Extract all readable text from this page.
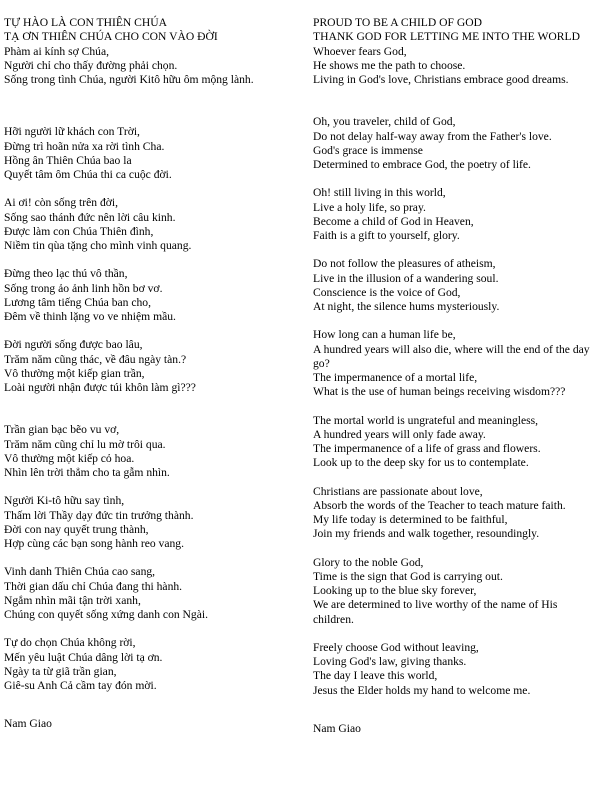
TỰ HÀO LÀ CON THIÊN CHÚA
TẠ ƠN THIÊN CHÚA CHO CON VÀO ĐỜI
Phàm ai kính sợ Chúa,
Người chỉ cho thấy đường phải chọn.
Sống trong tình Chúa, người Kitô hữu ôm mộng lành.
Hỡi người lữ khách con Trời,
Đừng trì hoãn nửa xa rời tình Cha.
Hồng ân Thiên Chúa bao la
Quyết tâm ôm Chúa thi ca cuộc đời.
Ai ơi! còn sống trên đời,
Sống sao thánh đức nên lời câu kinh.
Được làm con Chúa Thiên đình,
Niềm tin qùa tặng cho mình vinh quang.
Đừng theo lạc thú vô thần,
Sống trong ảo ảnh linh hồn bơ vơ.
Lương tâm tiếng Chúa ban cho,
Đêm về thinh lặng vo ve nhiệm mầu.
Đời người sống được bao lâu,
Trăm năm cũng thác, về đâu ngày tàn.?
Vô thường một kiếp gian trần,
Loài người nhận được túi khôn làm gì???
Trần gian bạc bẽo vu vơ,
Trăm năm cũng chỉ lu mờ trôi qua.
Vô thường một kiếp cỏ hoa.
Nhìn lên trời thẳm cho ta gẫm nhìn.
Người Ki-tô hữu say tình,
Thấm lời Thầy dạy đức tin trưởng thành.
Đời con nay quyết trung thành,
Hợp cùng các bạn song hành reo vang.
Vinh danh Thiên Chúa cao sang,
Thời gian dấu chỉ Chúa đang thi hành.
Ngắm nhìn mãi tận trời xanh,
Chúng con quyết sống xứng danh con Ngài.
Tự do chọn Chúa không rời,
Mến yêu luật Chúa dâng lời tạ ơn.
Ngày ta từ giã trần gian,
Giê-su Anh Cả cầm tay đón mời.
Nam Giao
PROUD TO BE A CHILD OF GOD
THANK GOD FOR LETTING ME INTO THE WORLD
Whoever fears God,
He shows me the path to choose.
Living in God's love, Christians embrace good dreams.
Oh, you traveler, child of God,
Do not delay half-way away from the Father's love.
God's grace is immense
Determined to embrace God, the poetry of life.
Oh! still living in this world,
Live a holy life, so pray.
Become a child of God in Heaven,
Faith is a gift to yourself, glory.
Do not follow the pleasures of atheism,
Live in the illusion of a wandering soul.
Conscience is the voice of God,
At night, the silence hums mysteriously.
How long can a human life be,
A hundred years will also die, where will the end of the day go?
The impermanence of a mortal life,
What is the use of human beings receiving wisdom???
The mortal world is ungrateful and meaningless,
A hundred years will only fade away.
The impermanence of a life of grass and flowers.
Look up to the deep sky for us to contemplate.
Christians are passionate about love,
Absorb the words of the Teacher to teach mature faith.
My life today is determined to be faithful,
Join my friends and walk together, resoundingly.
Glory to the noble God,
Time is the sign that God is carrying out.
Looking up to the blue sky forever,
We are determined to live worthy of the name of His children.
Freely choose God without leaving,
Loving God's law, giving thanks.
The day I leave this world,
Jesus the Elder holds my hand to welcome me.
Nam Giao
